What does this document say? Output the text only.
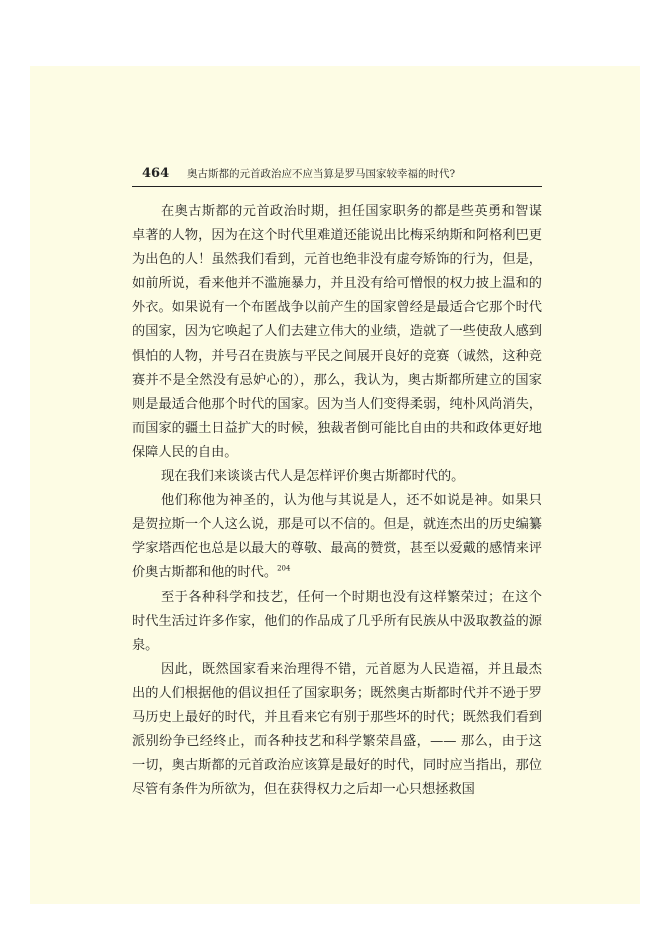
464 奥古斯都的元首政治应不应当算是罗马国家较幸福的时代?

在奥古斯都的元首政治时期，担任国家职务的都是些英勇和智谋卓著的人物，因为在这个时代里难道还能说出比梅采纳斯和阿格利巴更为出色的人！虽然我们看到，元首也绝非没有虚夸矫饰的行为，但是，如前所说，看来他并不滥施暴力，并且没有给可憎恨的权力披上温和的外衣。如果说有一个布匿战争以前产生的国家曾经是最适合它那个时代的国家，因为它唤起了人们去建立伟大的业绩，造就了一些使敌人感到惧怕的人物，并号召在贵族与平民之间展开良好的竞赛（诚然，这种竞赛并不是全然没有忌妒心的），那么，我认为，奥古斯都所建立的国家则是最适合他那个时代的国家。因为当人们变得柔弱，纯朴风尚消失，而国家的疆土日益扩大的时候，独裁者倒可能比自由的共和政体更好地保障人民的自由。

现在我们来谈谈古代人是怎样评价奥古斯都时代的。

他们称他为神圣的，认为他与其说是人，还不如说是神。如果只是贺拉斯一个人这么说，那是可以不信的。但是，就连杰出的历史编纂学家塔西佗也总是以最大的尊敬、最高的赞赏，甚至以爱戴的感情来评价奥古斯都和他的时代。$^{204}$

至于各种科学和技艺，任何一个时期也没有这样繁荣过；在这个时代生活过许多作家，他们的作品成了几乎所有民族从中汲取教益的源泉。

因此，既然国家看来治理得不错，元首愿为人民造福，并且最杰出的人们根据他的倡议担任了国家职务；既然奥古斯都时代并不逊于罗马历史上最好的时代，并且看来它有别于那些坏的时代；既然我们看到派别纷争已经终止，而各种技艺和科学繁荣昌盛，—— 那么，由于这一切，奥古斯都的元首政治应该算是最好的时代，同时应当指出，那位尽管有条件为所欲为，但在获得权力之后却一心只想拯救国
